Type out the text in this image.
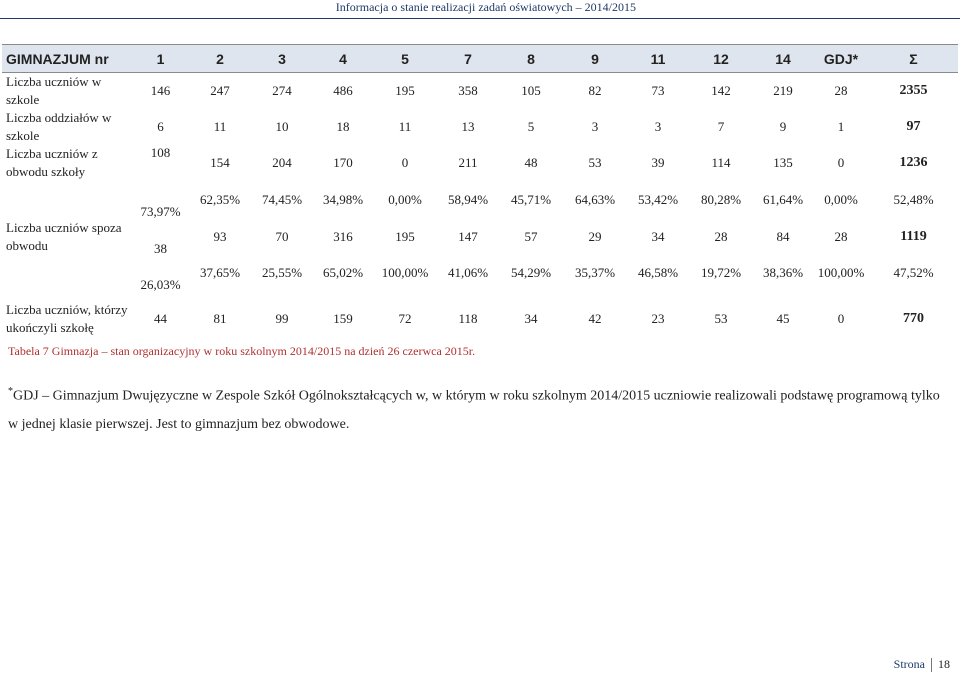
Informacja o stanie realizacji zadań oświatowych – 2014/2015
GIMNAZJUM nr	1	2	3	4	5	7	8	9	11	12	14	GDJ*	Σ
Liczba uczniów w szkole	146	247	274	486	195	358	105	82	73	142	219	28	2355
Liczba oddziałów w szkole	6	11	10	18	11	13	5	3	3	7	9	1	97
Liczba uczniów z obwodu szkoły	108	154	204	170	0	211	48	53	39	114	135	0	1236
	73,97%	62,35%	74,45%	34,98%	0,00%	58,94%	45,71%	64,63%	53,42%	80,28%	61,64%	0,00%	52,48%
Liczba uczniów spoza obwodu	38	93	70	316	195	147	57	29	34	28	84	28	1119
	26,03%	37,65%	25,55%	65,02%	100,00%	41,06%	54,29%	35,37%	46,58%	19,72%	38,36%	100,00%	47,52%
Liczba uczniów, którzy ukończyli szkołę	44	81	99	159	72	118	34	42	23	53	45	0	770
Tabela 7 Gimnazja – stan organizacyjny w roku szkolnym 2014/2015 na dzień 26 czerwca 2015r.
*GDJ – Gimnazjum Dwujęzyczne w Zespole Szkół Ogólnokształcących w, w którym w roku szkolnym 2014/2015 uczniowie realizowali podstawę programową tylko w jednej klasie pierwszej. Jest to gimnazjum bez obwodowe.
Strona 18
